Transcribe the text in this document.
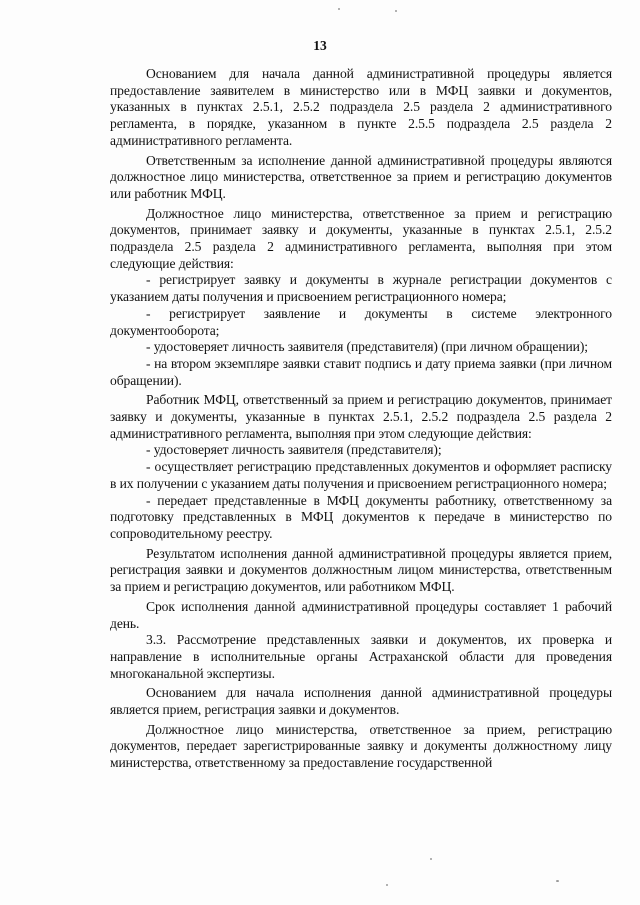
13

Основанием для начала данной административной процедуры является предоставление заявителем в министерство или в МФЦ заявки и документов, указанных в пунктах 2.5.1, 2.5.2 подраздела 2.5 раздела 2 административного регламента, в порядке, указанном в пункте 2.5.5 подраздела 2.5 раздела 2 административного регламента.

Ответственным за исполнение данной административной процедуры являются должностное лицо министерства, ответственное за прием и регистрацию документов или работник МФЦ.

Должностное лицо министерства, ответственное за прием и регистрацию документов, принимает заявку и документы, указанные в пунктах 2.5.1, 2.5.2 подраздела 2.5 раздела 2 административного регламента, выполняя при этом следующие действия:

- регистрирует заявку и документы в журнале регистрации документов с указанием даты получения и присвоением регистрационного номера;

- регистрирует заявление и документы в системе электронного документооборота;

- удостоверяет личность заявителя (представителя) (при личном обращении);

- на втором экземпляре заявки ставит подпись и дату приема заявки (при личном обращении).

Работник МФЦ, ответственный за прием и регистрацию документов, принимает заявку и документы, указанные в пунктах 2.5.1, 2.5.2 подраздела 2.5 раздела 2 административного регламента, выполняя при этом следующие действия:

- удостоверяет личность заявителя (представителя);

- осуществляет регистрацию представленных документов и оформляет расписку в их получении с указанием даты получения и присвоением регистрационного номера;

- передает представленные в МФЦ документы работнику, ответственному за подготовку представленных в МФЦ документов к передаче в министерство по сопроводительному реестру.

Результатом исполнения данной административной процедуры является прием, регистрация заявки и документов должностным лицом министерства, ответственным за прием и регистрацию документов, или работником МФЦ.

Срок исполнения данной административной процедуры составляет 1 рабочий день.

3.3. Рассмотрение представленных заявки и документов, их проверка и направление в исполнительные органы Астраханской области для проведения многоканальной экспертизы.

Основанием для начала исполнения данной административной процедуры является прием, регистрация заявки и документов.

Должностное лицо министерства, ответственное за прием, регистрацию документов, передает зарегистрированные заявку и документы должностному лицу министерства, ответственному за предоставление государственной
